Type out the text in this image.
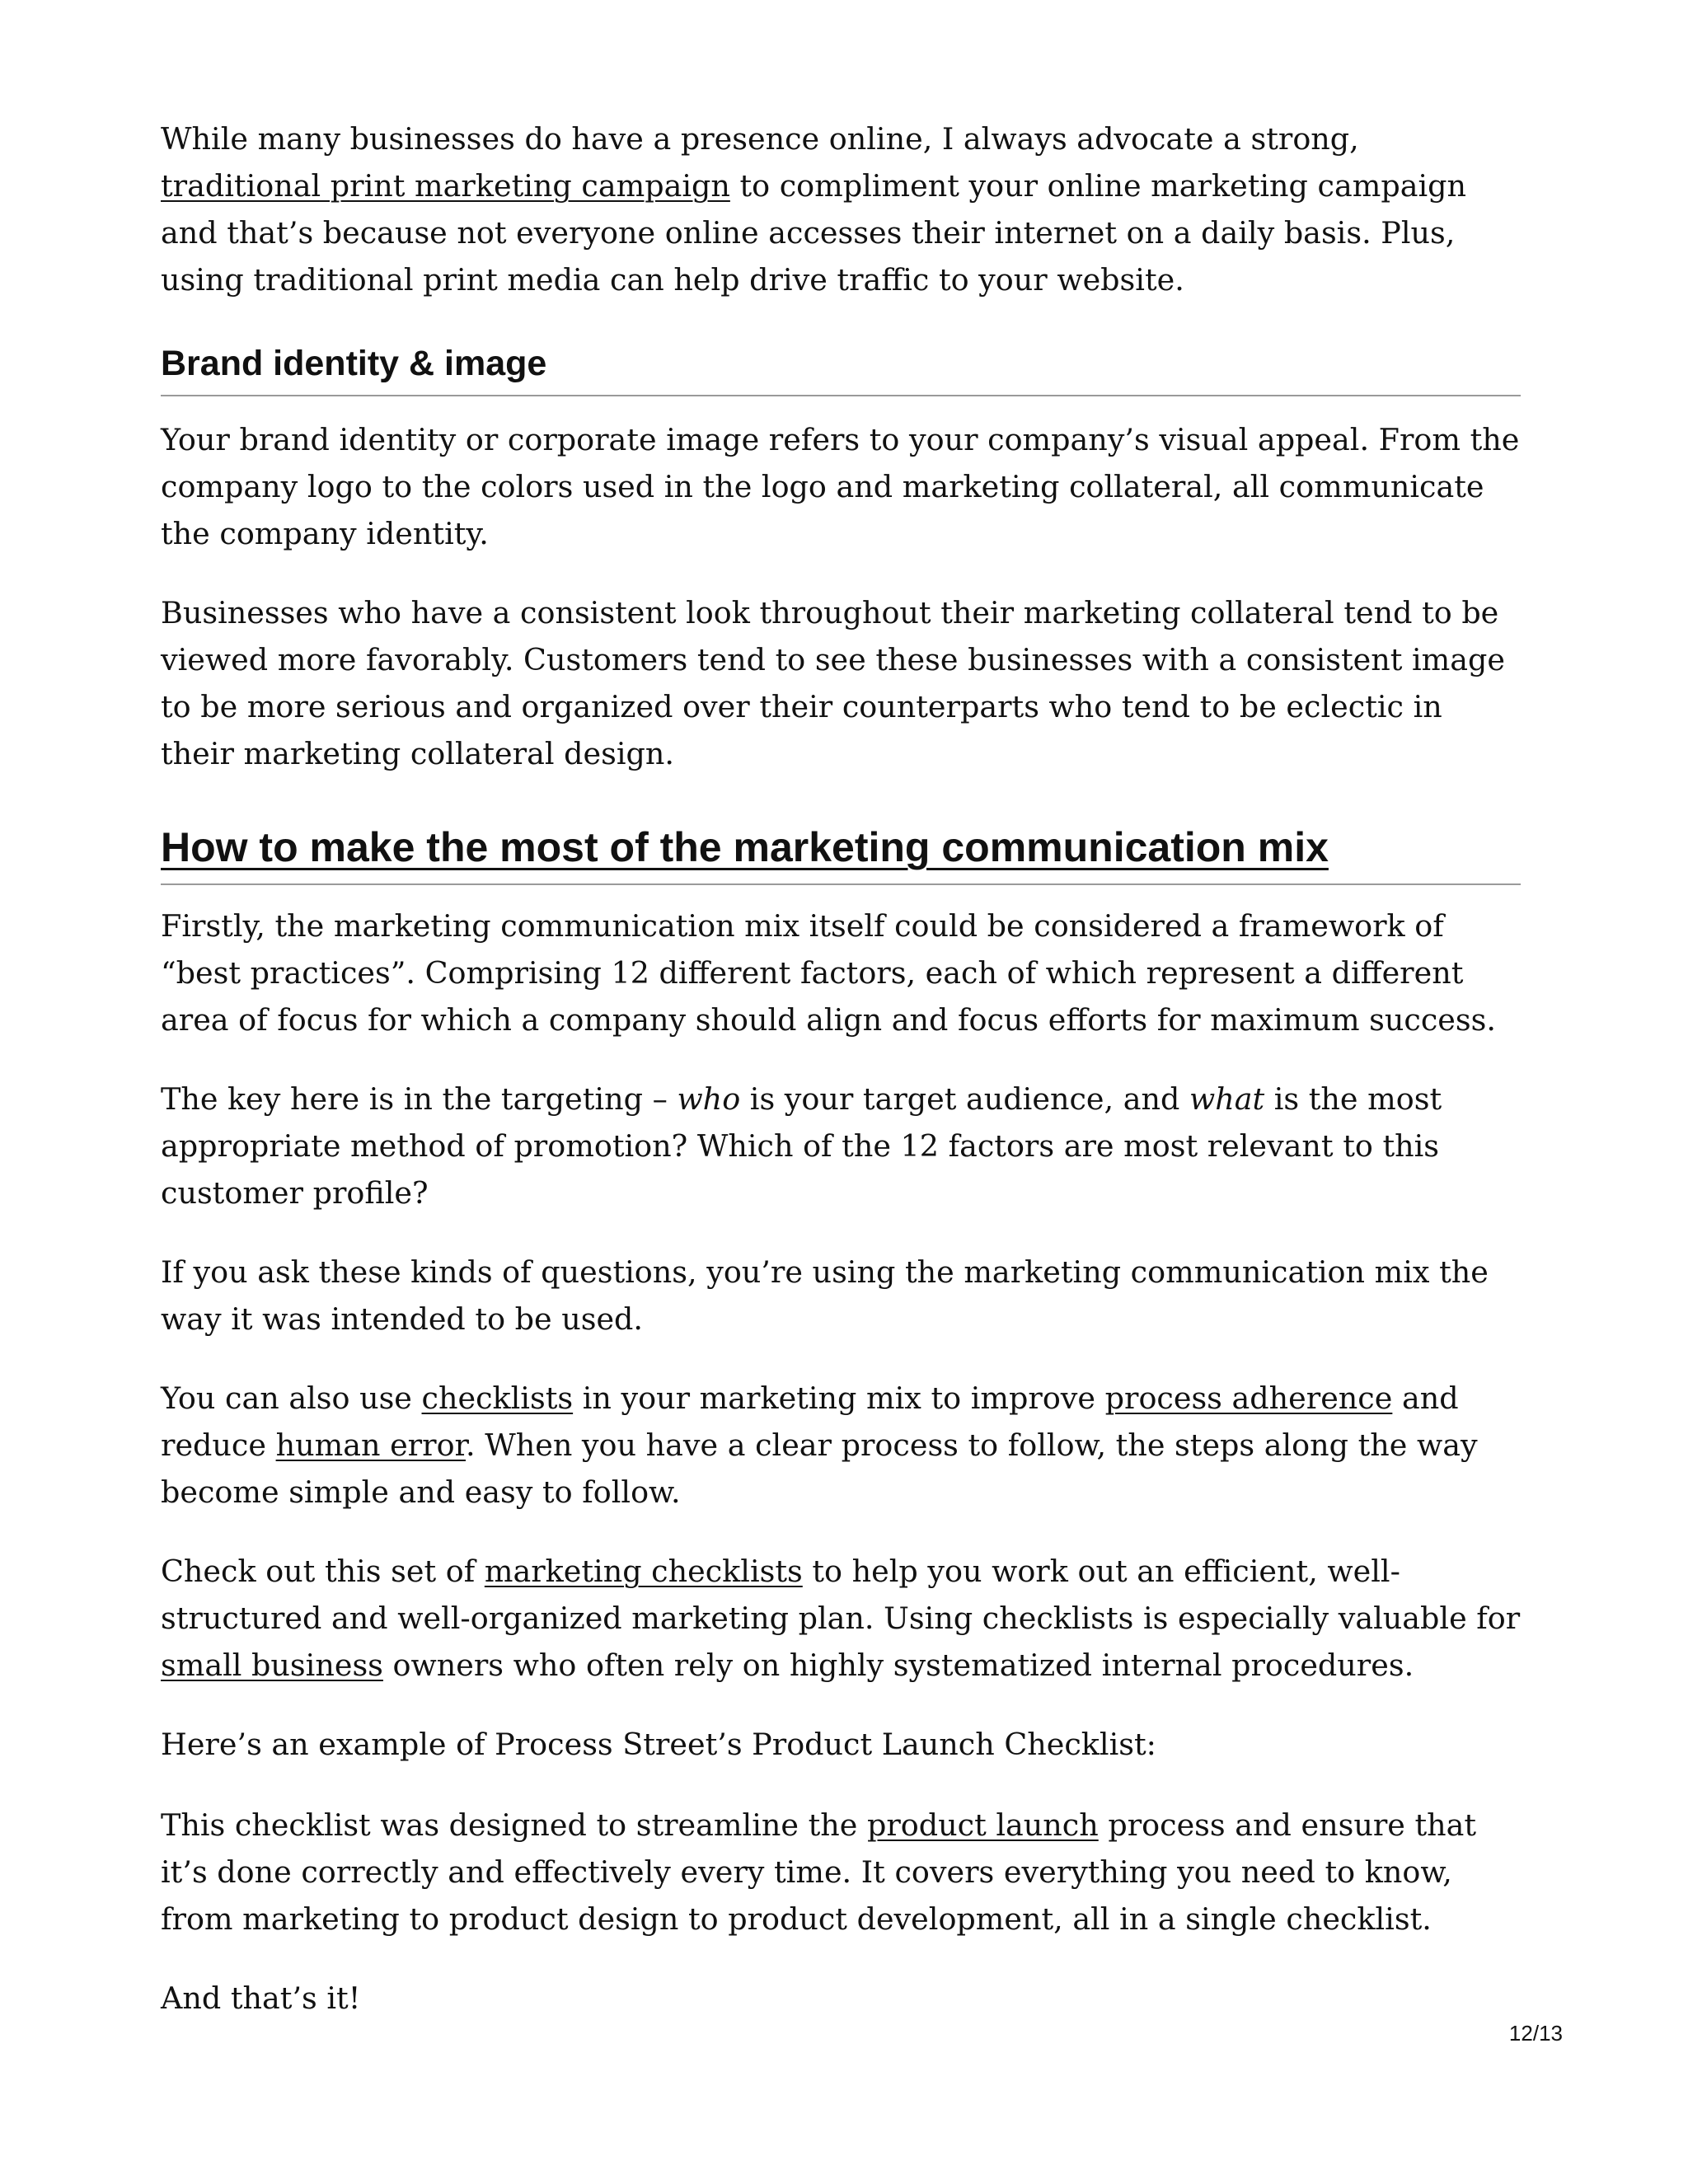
While many businesses do have a presence online, I always advocate a strong, traditional print marketing campaign to compliment your online marketing campaign and that’s because not everyone online accesses their internet on a daily basis. Plus, using traditional print media can help drive traffic to your website.

Brand identity & image

Your brand identity or corporate image refers to your company’s visual appeal. From the company logo to the colors used in the logo and marketing collateral, all communicate the company identity.

Businesses who have a consistent look throughout their marketing collateral tend to be viewed more favorably. Customers tend to see these businesses with a consistent image to be more serious and organized over their counterparts who tend to be eclectic in their marketing collateral design.

How to make the most of the marketing communication mix

Firstly, the marketing communication mix itself could be considered a framework of “best practices”. Comprising 12 different factors, each of which represent a different area of focus for which a company should align and focus efforts for maximum success.

The key here is in the targeting – who is your target audience, and what is the most appropriate method of promotion? Which of the 12 factors are most relevant to this customer profile?

If you ask these kinds of questions, you’re using the marketing communication mix the way it was intended to be used.

You can also use checklists in your marketing mix to improve process adherence and reduce human error. When you have a clear process to follow, the steps along the way become simple and easy to follow.

Check out this set of marketing checklists to help you work out an efficient, well-structured and well-organized marketing plan. Using checklists is especially valuable for small business owners who often rely on highly systematized internal procedures.

Here’s an example of Process Street’s Product Launch Checklist:

This checklist was designed to streamline the product launch process and ensure that it’s done correctly and effectively every time. It covers everything you need to know, from marketing to product design to product development, all in a single checklist.

And that’s it!

12/13
